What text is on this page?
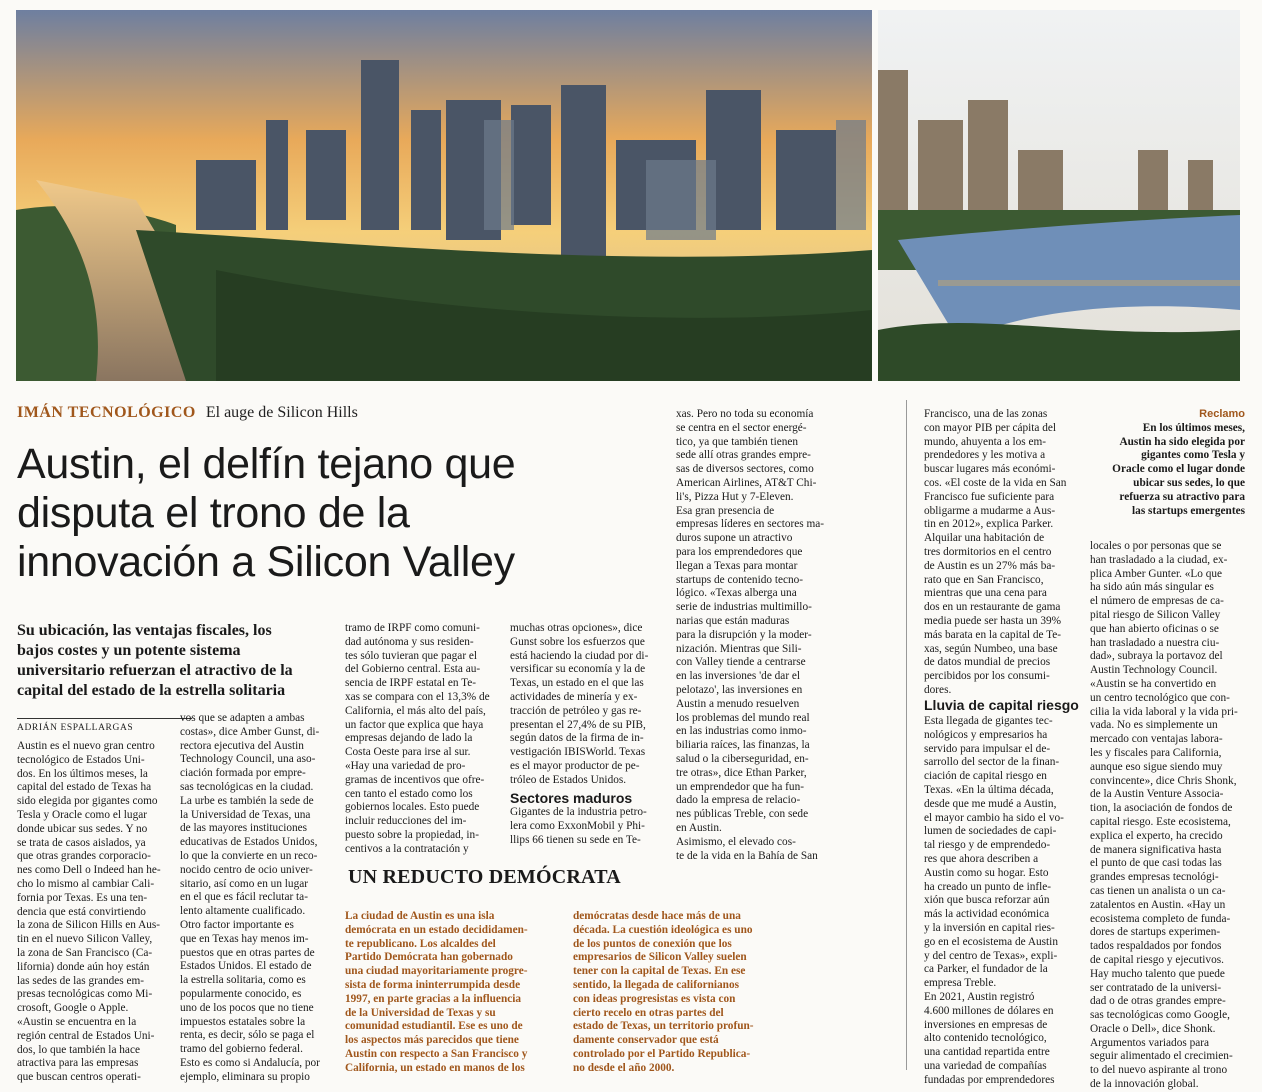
IMÁN TECNOLÓGICO El auge de Silicon Hills
Austin, el delfín tejano que
disputa el trono de la
innovación a Silicon Valley
Su ubicación, las ventajas fiscales, los
bajos costes y un potente sistema
universitario refuerzan el atractivo de la
capital del estado de la estrella solitaria
ADRIÁN ESPALLARGAS
Austin es el nuevo gran centro
tecnológico de Estados Uni-
dos. En los últimos meses, la
capital del estado de Texas ha
sido elegida por gigantes como
Tesla y Oracle como el lugar
donde ubicar sus sedes. Y no
se trata de casos aislados, ya
que otras grandes corporacio-
nes como Dell o Indeed han he-
cho lo mismo al cambiar Cali-
fornia por Texas. Es una ten-
dencia que está convirtiendo
la zona de Silicon Hills en Aus-
tin en el nuevo Silicon Valley,
la zona de San Francisco (Ca-
lifornia) donde aún hoy están
las sedes de las grandes em-
presas tecnológicas como Mi-
crosoft, Google o Apple.
«Austin se encuentra en la
región central de Estados Uni-
dos, lo que también la hace
atractiva para las empresas
que buscan centros operati-
vos que se adapten a ambas
costas», dice Amber Gunst, di-
rectora ejecutiva del Austin
Technology Council, una aso-
ciación formada por empre-
sas tecnológicas en la ciudad.
La urbe es también la sede de
la Universidad de Texas, una
de las mayores instituciones
educativas de Estados Unidos,
lo que la convierte en un reco-
nocido centro de ocio univer-
sitario, así como en un lugar
en el que es fácil reclutar ta-
lento altamente cualificado.
Otro factor importante es
que en Texas hay menos im-
puestos que en otras partes de
Estados Unidos. El estado de
la estrella solitaria, como es
popularmente conocido, es
uno de los pocos que no tiene
impuestos estatales sobre la
renta, es decir, sólo se paga el
tramo del gobierno federal.
Esto es como si Andalucía, por
ejemplo, eliminara su propio
tramo de IRPF como comuni-
dad autónoma y sus residen-
tes sólo tuvieran que pagar el
del Gobierno central. Esta au-
sencia de IRPF estatal en Te-
xas se compara con el 13,3% de
California, el más alto del país,
un factor que explica que haya
empresas dejando de lado la
Costa Oeste para irse al sur.
«Hay una variedad de pro-
gramas de incentivos que ofre-
cen tanto el estado como los
gobiernos locales. Esto puede
incluir reducciones del im-
puesto sobre la propiedad, in-
centivos a la contratación y
muchas otras opciones», dice
Gunst sobre los esfuerzos que
está haciendo la ciudad por di-
versificar su economía y la de
Texas, un estado en el que las
actividades de minería y ex-
tracción de petróleo y gas re-
presentan el 27,4% de su PIB,
según datos de la firma de in-
vestigación IBISWorld. Texas
es el mayor productor de pe-
tróleo de Estados Unidos.
Sectores maduros
Gigantes de la industria petro-
lera como ExxonMobil y Phi-
llips 66 tienen su sede en Te-
xas. Pero no toda su economía
se centra en el sector energé-
tico, ya que también tienen
sede allí otras grandes empre-
sas de diversos sectores, como
American Airlines, AT&T Chi-
li's, Pizza Hut y 7-Eleven.
Esa gran presencia de
empresas líderes en sectores ma-
duros supone un atractivo
para los emprendedores que
llegan a Texas para montar
startups de contenido tecno-
lógico. «Texas alberga una
serie de industrias multimillo-
narias que están maduras
para la disrupción y la moder-
nización. Mientras que Sili-
con Valley tiende a centrarse
en las inversiones 'de dar el
pelotazo', las inversiones en
Austin a menudo resuelven
los problemas del mundo real
en las industrias como inmo-
biliaria raíces, las finanzas, la
salud o la ciberseguridad, en-
tre otras», dice Ethan Parker,
un emprendedor que ha fun-
dado la empresa de relacio-
nes públicas Treble, con sede
en Austin.
Asimismo, el elevado cos-
te de la vida en la Bahía de San
Francisco, una de las zonas
con mayor PIB per cápita del
mundo, ahuyenta a los em-
prendedores y les motiva a
buscar lugares más económi-
cos. «El coste de la vida en San
Francisco fue suficiente para
obligarme a mudarme a Aus-
tin en 2012», explica Parker.
Alquilar una habitación de
tres dormitorios en el centro
de Austin es un 27% más ba-
rato que en San Francisco,
mientras que una cena para
dos en un restaurante de gama
media puede ser hasta un 39%
más barata en la capital de Te-
xas, según Numbeo, una base
de datos mundial de precios
percibidos por los consumi-
dores.
Lluvia de capital riesgo
Esta llegada de gigantes tec-
nológicos y empresarios ha
servido para impulsar el de-
sarrollo del sector de la finan-
ciación de capital riesgo en
Texas. «En la última década,
desde que me mudé a Austin,
el mayor cambio ha sido el vo-
lumen de sociedades de capi-
tal riesgo y de emprendedo-
res que ahora describen a
Austin como su hogar. Esto
ha creado un punto de infle-
xión que busca reforzar aún
más la actividad económica
y la inversión en capital ries-
go en el ecosistema de Austin
y del centro de Texas», expli-
ca Parker, el fundador de la
empresa Treble.
En 2021, Austin registró
4.600 millones de dólares en
inversiones en empresas de
alto contenido tecnológico,
una cantidad repartida entre
una variedad de compañías
fundadas por emprendedores
Reclamo
En los últimos meses,
Austin ha sido elegida por
gigantes como Tesla y
Oracle como el lugar donde
ubicar sus sedes, lo que
refuerza su atractivo para
las startups emergentes
locales o por personas que se
han trasladado a la ciudad, ex-
plica Amber Gunter. «Lo que
ha sido aún más singular es
el número de empresas de ca-
pital riesgo de Silicon Valley
que han abierto oficinas o se
han trasladado a nuestra ciu-
dad», subraya la portavoz del
Austin Technology Council.
«Austin se ha convertido en
un centro tecnológico que con-
cilia la vida laboral y la vida pri-
vada. No es simplemente un
mercado con ventajas labora-
les y fiscales para California,
aunque eso sigue siendo muy
convincente», dice Chris Shonk,
de la Austin Venture Associa-
tion, la asociación de fondos de
capital riesgo. Este ecosistema,
explica el experto, ha crecido
de manera significativa hasta
el punto de que casi todas las
grandes empresas tecnológi-
cas tienen un analista o un ca-
zatalentos en Austin. «Hay un
ecosistema completo de funda-
dores de startups experimen-
tados respaldados por fondos
de capital riesgo y ejecutivos.
Hay mucho talento que puede
ser contratado de la universi-
dad o de otras grandes empre-
sas tecnológicas como Google,
Oracle o Dell», dice Shonk.
Argumentos variados para
seguir alimentado el crecimien-
to del nuevo aspirante al trono
de la innovación global.
UN REDUCTO DEMÓCRATA
La ciudad de Austin es una isla
demócrata en un estado decididamen-
te republicano. Los alcaldes del
Partido Demócrata han gobernado
una ciudad mayoritariamente progre-
sista de forma ininterrumpida desde
1997, en parte gracias a la influencia
de la Universidad de Texas y su
comunidad estudiantil. Ese es uno de
los aspectos más parecidos que tiene
Austin con respecto a San Francisco y
California, un estado en manos de los
demócratas desde hace más de una
década. La cuestión ideológica es uno
de los puntos de conexión que los
empresarios de Silicon Valley suelen
tener con la capital de Texas. En ese
sentido, la llegada de californianos
con ideas progresistas es vista con
cierto recelo en otras partes del
estado de Texas, un territorio profun-
damente conservador que está
controlado por el Partido Republica-
no desde el año 2000.
